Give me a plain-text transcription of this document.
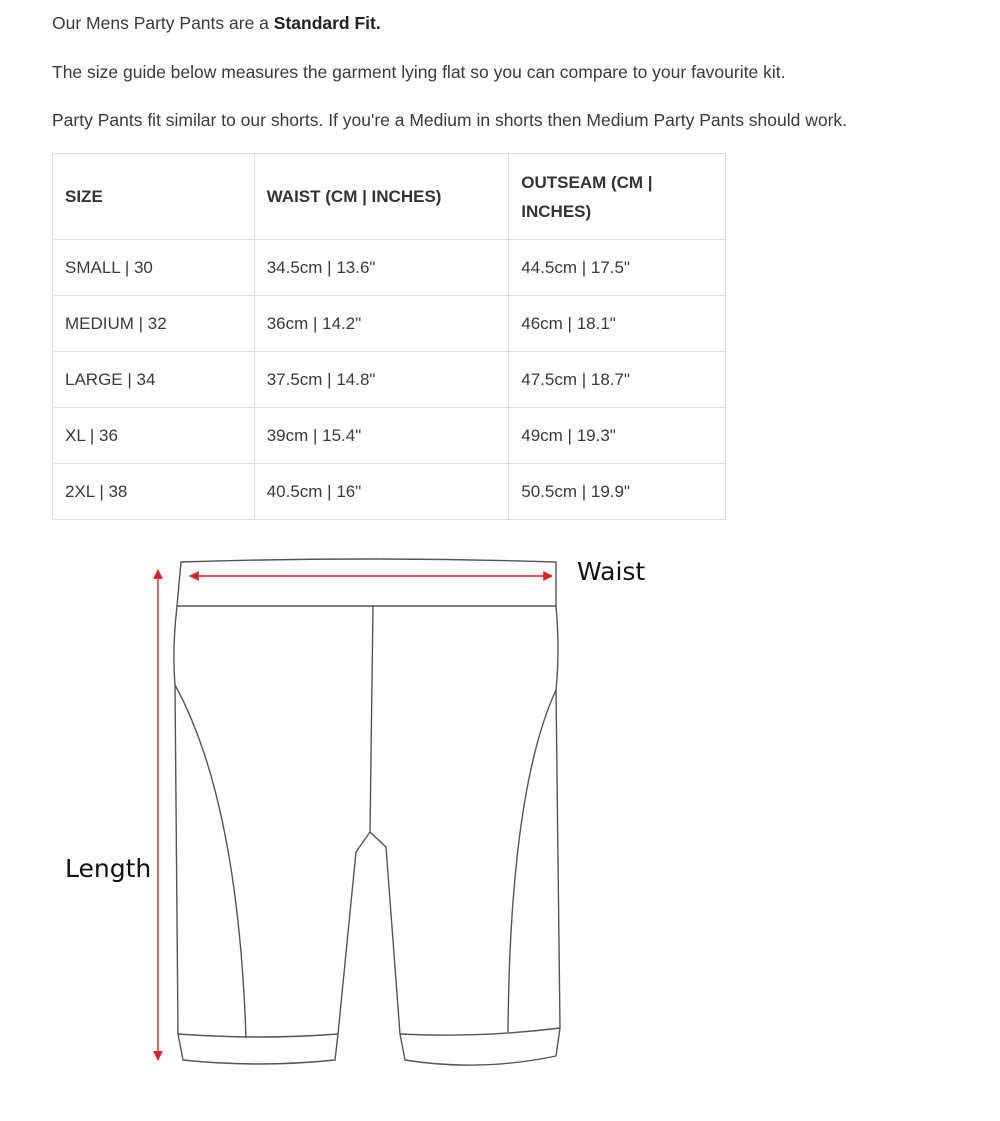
Our Mens Party Pants are a Standard Fit.

The size guide below measures the garment lying flat so you can compare to your favourite kit.

Party Pants fit similar to our shorts. If you're a Medium in shorts then Medium Party Pants should work.

SIZE	WAIST (CM | INCHES)	OUTSEAM (CM | INCHES)
SMALL | 30	34.5cm | 13.6"	44.5cm | 17.5"
MEDIUM | 32	36cm | 14.2"	46cm | 18.1"
LARGE | 34	37.5cm | 14.8"	47.5cm | 18.7"
XL | 36	39cm | 15.4"	49cm | 19.3"
2XL | 38	40.5cm | 16"	50.5cm | 19.9"
Waist
Length
